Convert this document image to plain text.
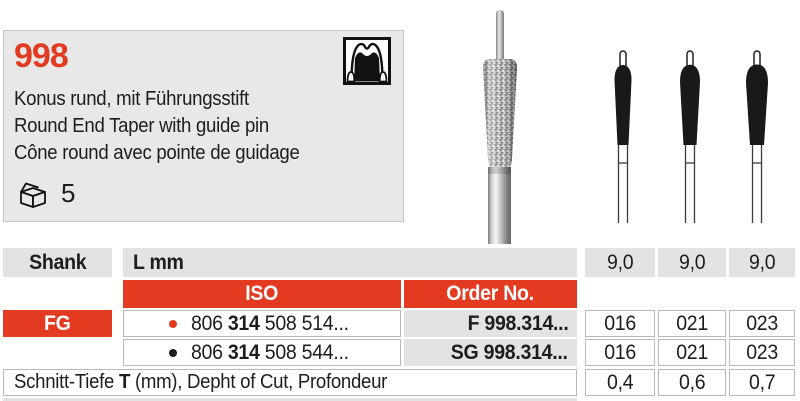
998
Konus rund, mit Führungsstift
Round End Taper with guide pin
Cône round avec pointe de guidage
5
Shank L mm	9,0 9,0 9,0
ISO	Order No.
FG	806 314 508 514...	F 998.314... 016 021 023
806 314 508 544...	SG 998.314... 016 021 023
Schnitt-Tiefe T (mm), Depht of Cut, Profondeur	0,4 0,6 0,7
